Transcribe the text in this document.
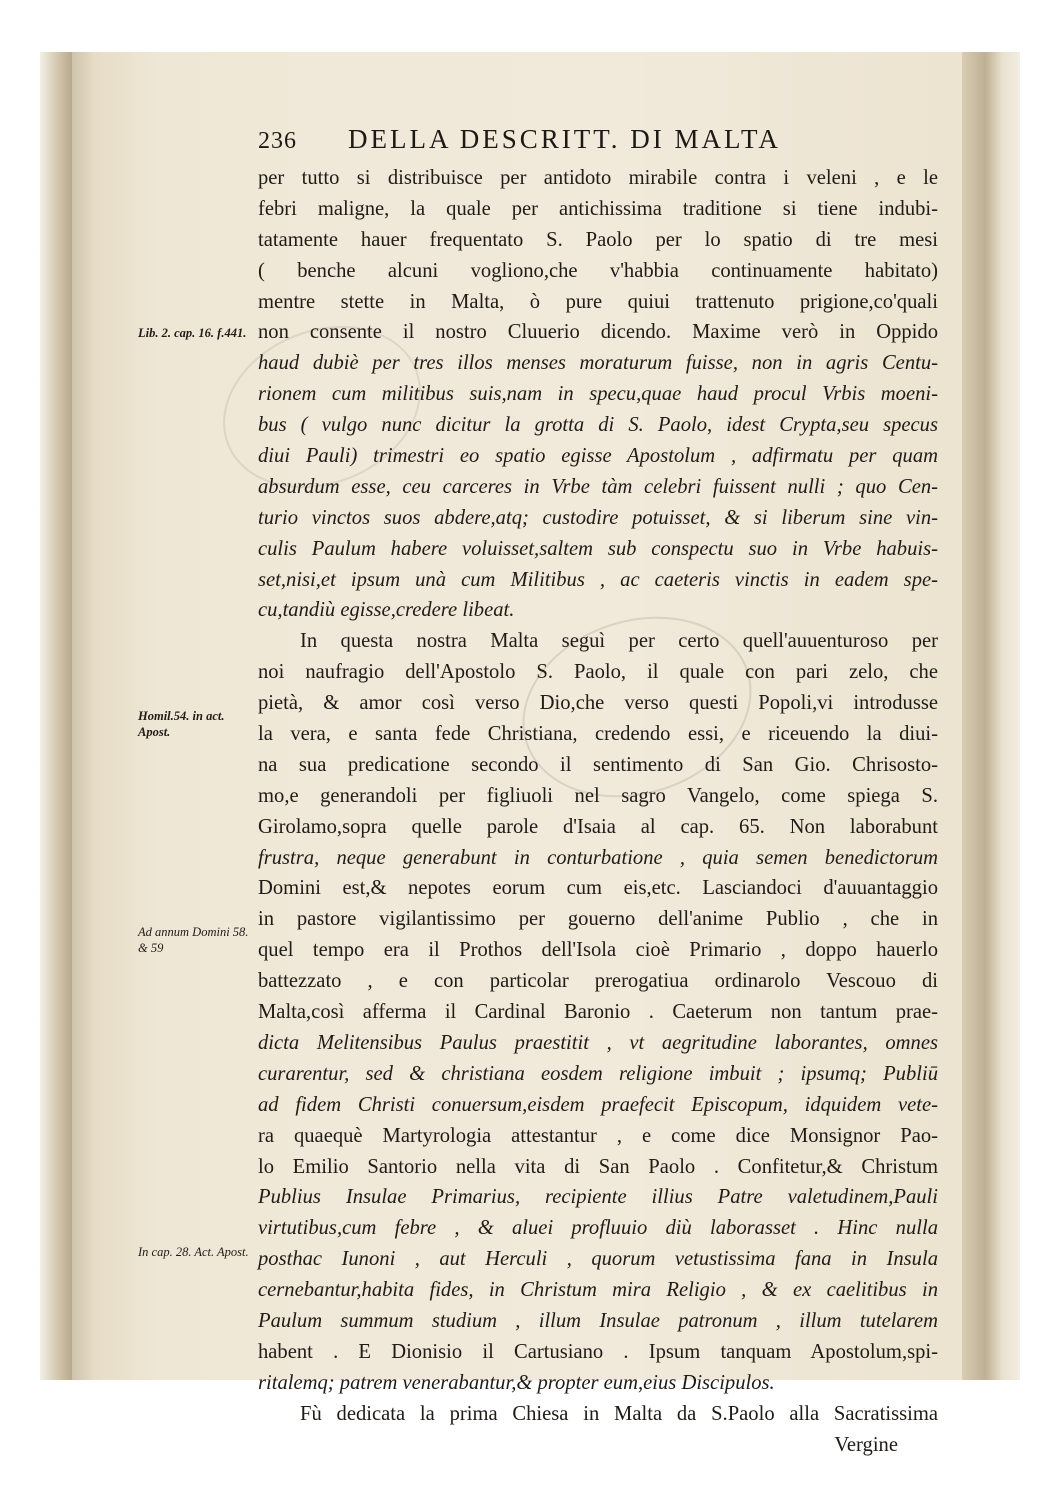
236	DELLA DESCRITT. DI MALTA
Lib. 2. cap. 16. f.441.
Homil.54. in act. Apost.
Ad annum Domini 58. & 59
In cap. 28. Act. Apost.
per tutto si distribuisce per antidoto mirabile contra i veleni , e le
febri maligne, la quale per antichissima traditione si tiene indubi-
tatamente hauer frequentato S. Paolo per lo spatio di tre mesi
( benche alcuni vogliono,che v'habbia continuamente habitato)
mentre stette in Malta, ò pure quiui trattenuto prigione,co'quali
non consente il nostro Cluuerio dicendo. Maxime verò in Oppido
haud dubiè per tres illos menses moraturum fuisse, non in agris Centu-
rionem cum militibus suis,nam in specu,quae haud procul Vrbis moeni-
bus ( vulgo nunc dicitur la grotta di S. Paolo, idest Crypta,seu specus
diui Pauli) trimestri eo spatio egisse Apostolum , adfirmatu per quam
absurdum esse, ceu carceres in Vrbe tàm celebri fuissent nulli ; quo Cen-
turio vinctos suos abdere,atq; custodire potuisset, & si liberum sine vin-
culis Paulum habere voluisset,saltem sub conspectu suo in Vrbe habuis-
set,nisi,et ipsum unà cum Militibus , ac caeteris vinctis in eadem spe-
cu,tandiù egisse,credere libeat.
In questa nostra Malta seguì per certo quell'auuenturoso per
noi naufragio dell'Apostolo S. Paolo, il quale con pari zelo, che
pietà, & amor così verso Dio,che verso questi Popoli,vi introdusse
la vera, e santa fede Christiana, credendo essi, e riceuendo la diui-
na sua predicatione secondo il sentimento di San Gio. Chrisosto-
mo,e generandoli per figliuoli nel sagro Vangelo, come spiega S.
Girolamo,sopra quelle parole d'Isaia al cap. 65. Non laborabunt
frustra, neque generabunt in conturbatione , quia semen benedictorum
Domini est,& nepotes eorum cum eis,etc. Lasciandoci d'auuantaggio
in pastore vigilantissimo per gouerno dell'anime Publio , che in
quel tempo era il Prothos dell'Isola cioè Primario , doppo hauerlo
battezzato , e con particolar prerogatiua ordinarolo Vescouo di
Malta,così afferma il Cardinal Baronio . Caeterum non tantum prae-
dicta Melitensibus Paulus praestitit , vt aegritudine laborantes, omnes
curarentur, sed & christiana eosdem religione imbuit ; ipsumq; Publiū
ad fidem Christi conuersum,eisdem praefecit Episcopum, idquidem vete-
ra quaequè Martyrologia attestantur , e come dice Monsignor Pao-
lo Emilio Santorio nella vita di San Paolo . Confitetur,& Christum
Publius Insulae Primarius, recipiente illius Patre valetudinem,Pauli
virtutibus,cum febre , & aluei profluuio diù laborasset . Hinc nulla
posthac Iunoni , aut Herculi , quorum vetustissima fana in Insula
cernebantur,habita fides, in Christum mira Religio , & ex caelitibus in
Paulum summum studium , illum Insulae patronum , illum tutelarem
habent . E Dionisio il Cartusiano . Ipsum tanquam Apostolum,spi-
ritalemq; patrem venerabantur,& propter eum,eius Discipulos.
Fù dedicata la prima Chiesa in Malta da S.Paolo alla Sacratissima
Vergine
